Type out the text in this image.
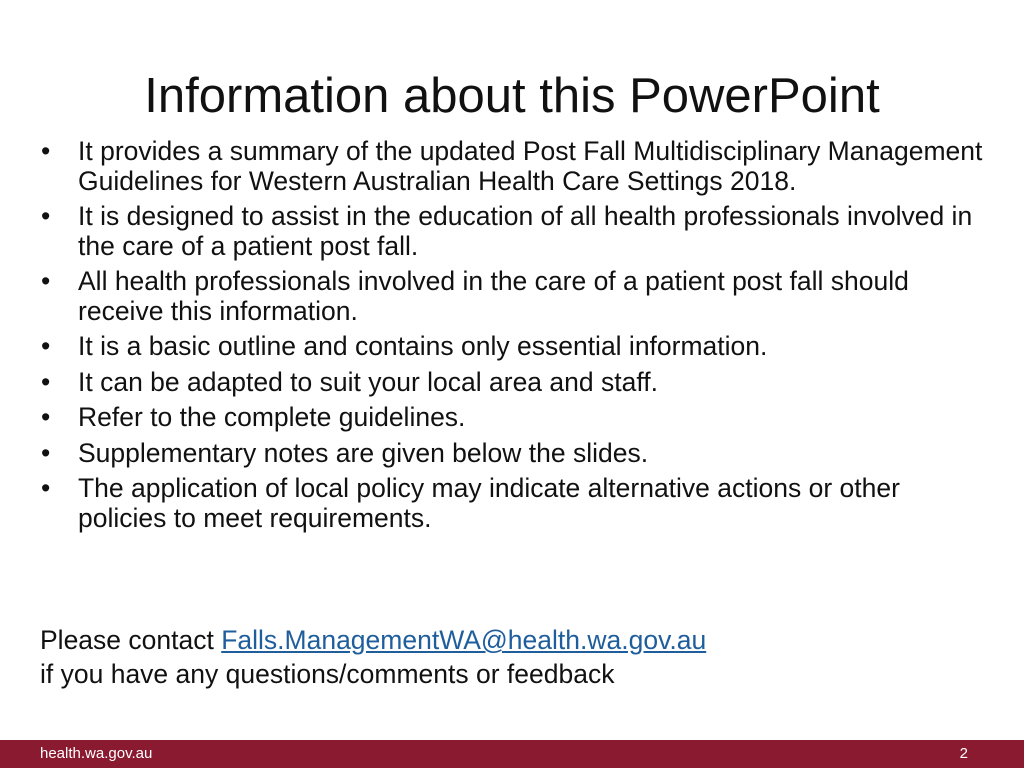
Information about this PowerPoint
•	It provides a summary of the updated Post Fall Multidisciplinary Management Guidelines for Western Australian Health Care Settings 2018.
•	It is designed to assist in the education of all health professionals involved in the care of a patient post fall.
•	All health professionals involved in the care of a patient post fall should receive this information.
•	It is a basic outline and contains only essential information.
•	It can be adapted to suit your local area and staff.
•	Refer to the complete guidelines.
•	Supplementary notes are given below the slides.
•	The application of local policy may indicate alternative actions or other policies to meet requirements.
Please contact Falls.ManagementWA@health.wa.gov.au
if you have any questions/comments or feedback
health.wa.gov.au	2
